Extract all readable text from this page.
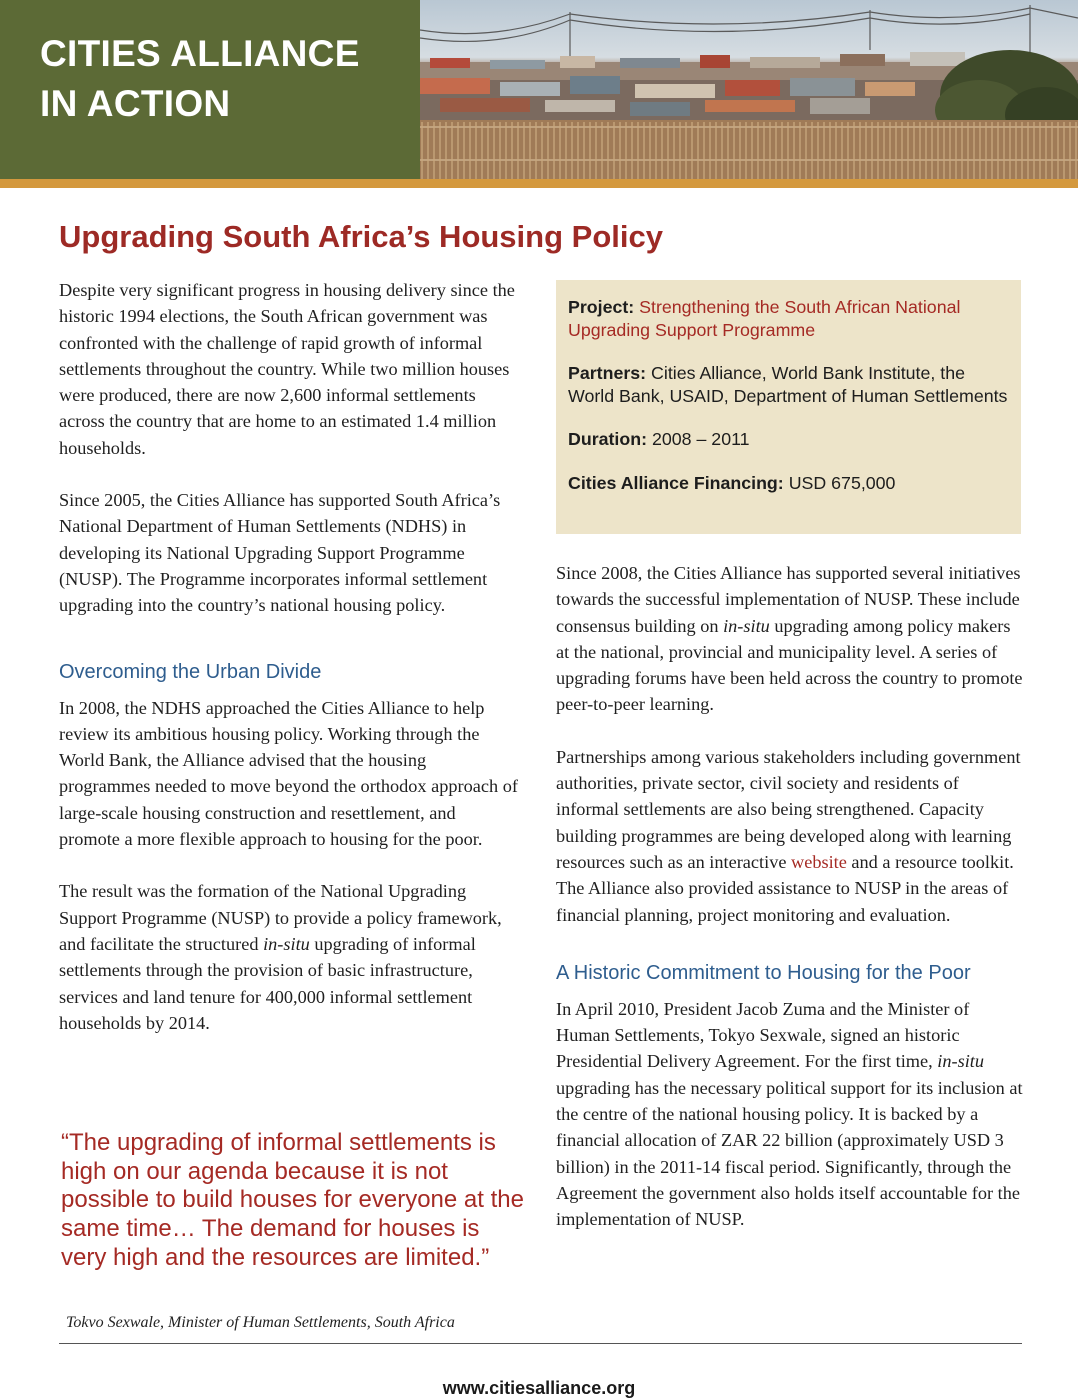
CITIES ALLIANCE
IN ACTION
Upgrading South Africa’s Housing Policy

Despite very significant progress in housing delivery since the historic 1994 elections, the South African government was confronted with the challenge of rapid growth of informal settlements throughout the country. While two million houses were produced, there are now 2,600 informal settlements across the country that are home to an estimated 1.4 million households.

Since 2005, the Cities Alliance has supported South Africa’s National Department of Human Settlements (NDHS) in developing its National Upgrading Support Programme (NUSP). The Programme incorporates informal settlement upgrading into the country’s national housing policy.

Overcoming the Urban Divide

In 2008, the NDHS approached the Cities Alliance to help review its ambitious housing policy. Working through the World Bank, the Alliance advised that the housing programmes needed to move beyond the orthodox approach of large-scale housing construction and resettlement, and promote a more flexible approach to housing for the poor.

The result was the formation of the National Upgrading Support Programme (NUSP) to provide a policy framework, and facilitate the structured in-situ upgrading of informal settlements through the provision of basic infrastructure, services and land tenure for 400,000 informal settlement households by 2014.

“The upgrading of informal settlements is high on our agenda because it is not possible to build houses for everyone at the same time… The demand for houses is very high and the resources are limited.”

Tokvo Sexwale, Minister of Human Settlements, South Africa

Project: Strengthening the South African National Upgrading Support Programme

Partners: Cities Alliance, World Bank Institute, the World Bank, USAID, Department of Human Settlements

Duration: 2008 – 2011

Cities Alliance Financing: USD 675,000

Since 2008, the Cities Alliance has supported several initiatives towards the successful implementation of NUSP. These include consensus building on in-situ upgrading among policy makers at the national, provincial and municipality level. A series of upgrading forums have been held across the country to promote peer-to-peer learning.

Partnerships among various stakeholders including government authorities, private sector, civil society and residents of informal settlements are also being strengthened. Capacity building programmes are being developed along with learning resources such as an interactive website and a resource toolkit. The Alliance also provided assistance to NUSP in the areas of financial planning, project monitoring and evaluation.

A Historic Commitment to Housing for the Poor

In April 2010, President Jacob Zuma and the Minister of Human Settlements, Tokyo Sexwale, signed an historic Presidential Delivery Agreement. For the first time, in-situ upgrading has the necessary political support for its inclusion at the centre of the national housing policy. It is backed by a financial allocation of ZAR 22 billion (approximately USD 3 billion) in the 2011-14 fiscal period. Significantly, through the Agreement the government also holds itself accountable for the implementation of NUSP.

www.citiesalliance.org
